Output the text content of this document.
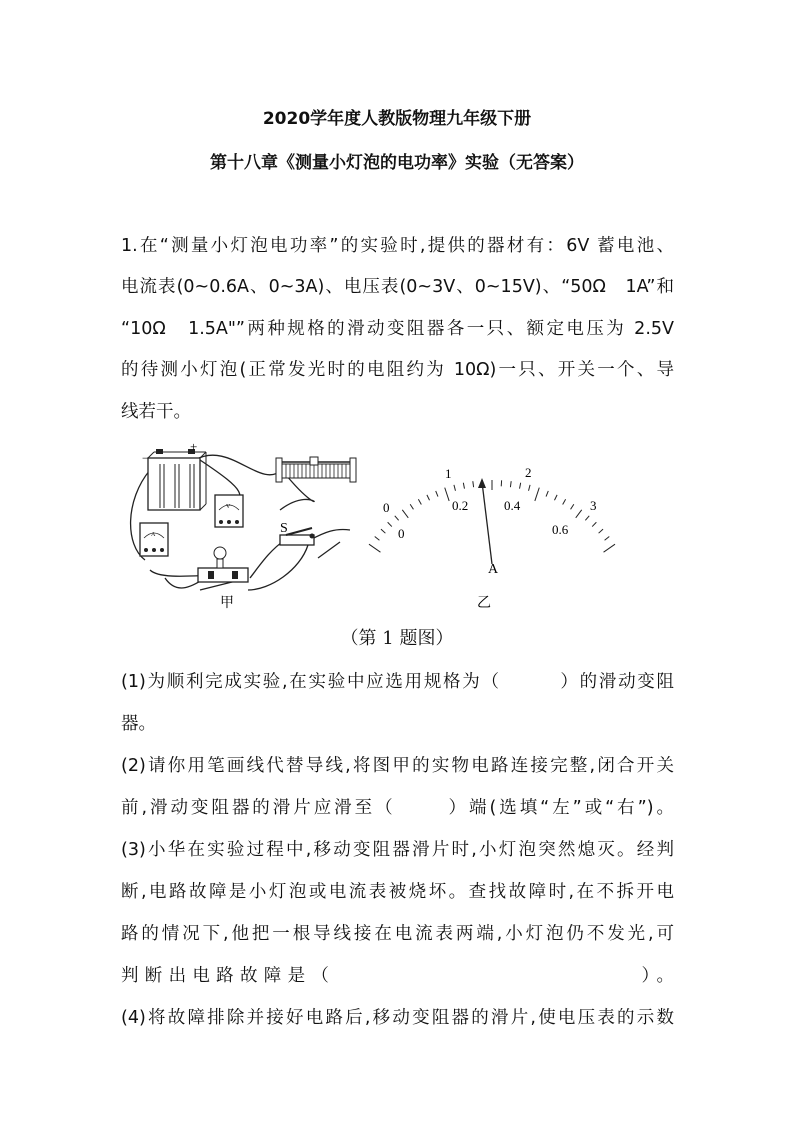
2020学年度人教版物理九年级下册
第十八章《测量小灯泡的电功率》实验（无答案）
1.在“测量小灯泡电功率”的实验时,提供的器材有：6V 蓄电池、
电流表(0~0.6A、0~3A)、电压表(0~3V、0~15V)、“50Ω　1A”和
“10Ω　1.5A"”两种规格的滑动变阻器各一只、额定电压为 2.5V
的待测小灯泡(正常发光时的电阻约为 10Ω)一只、开关一个、导
线若干。
−
+
V
A	S
甲
0
1	2
3
0
0.2	0.4
0.6
A
乙
（第 1 题图）
(1)为顺利完成实验,在实验中应选用规格为（	）的滑动变阻
器。
(2)请你用笔画线代替导线,将图甲的实物电路连接完整,闭合开关
前,滑动变阻器的滑片应滑至（	）端(选填“左”或“右”)。
(3)小华在实验过程中,移动变阻器滑片时,小灯泡突然熄灭。经判
断,电路故障是小灯泡或电流表被烧坏。查找故障时,在不拆开电
路的情况下,他把一根导线接在电流表两端,小灯泡仍不发光,可
判断出电路故障是（	）。
(4)将故障排除并接好电路后,移动变阻器的滑片,使电压表的示数
